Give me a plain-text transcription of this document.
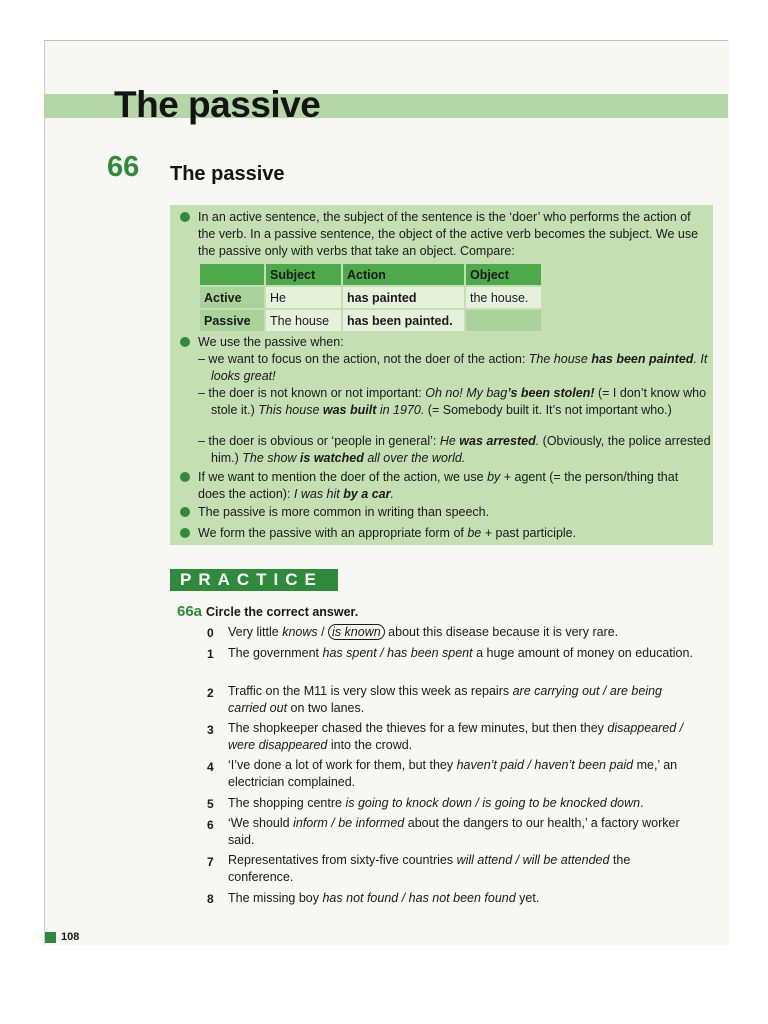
The passive
66 The passive
In an active sentence, the subject of the sentence is the ‘doer’ who performs the action of the verb. In a passive sentence, the object of the active verb becomes the subject. We use the passive only with verbs that take an object. Compare:
	Subject	Action	Object
Active	He	has painted	the house.
Passive	The house	has been painted.	
We use the passive when:
– we want to focus on the action, not the doer of the action: The house has been painted. It looks great!
– the doer is not known or not important: Oh no! My bag’s been stolen! (= I don’t know who stole it.) This house was built in 1970. (= Somebody built it. It’s not important who.)
– the doer is obvious or ‘people in general’: He was arrested. (Obviously, the police arrested him.) The show is watched all over the world.
If we want to mention the doer of the action, we use by + agent (= the person/thing that does the action): I was hit by a car.
The passive is more common in writing than speech.
We form the passive with an appropriate form of be + past participle.
PRACTICE
66a Circle the correct answer.
0	Very little knows / is known about this disease because it is very rare.
1	The government has spent / has been spent a huge amount of money on education.
2	Traffic on the M11 is very slow this week as repairs are carrying out / are being carried out on two lanes.
3	The shopkeeper chased the thieves for a few minutes, but then they disappeared / were disappeared into the crowd.
4	‘I’ve done a lot of work for them, but they haven’t paid / haven’t been paid me,’ an electrician complained.
5	The shopping centre is going to knock down / is going to be knocked down.
6	‘We should inform / be informed about the dangers to our health,’ a factory worker said.
7	Representatives from sixty-five countries will attend / will be attended the conference.
8	The missing boy has not found / has not been found yet.
108
